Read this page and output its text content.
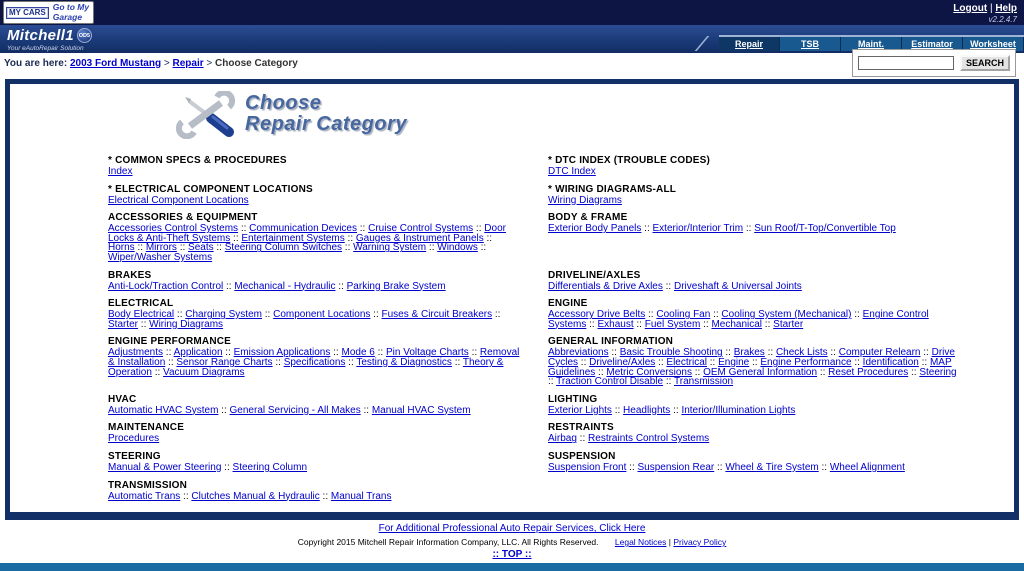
MY CARS
Go to My
Garage
Logout | Help
v2.2.4.7
Mitchell1 OD5
Your eAutoRepair Solution	Repair	TSB	Maint.	Estimator	Worksheet
You are here: 2003 Ford Mustang > Repair > Choose Category	SEARCH
Choose
Repair Category
* COMMON SPECS & PROCEDURES
Index
* DTC INDEX (TROUBLE CODES)
DTC Index
* ELECTRICAL COMPONENT LOCATIONS
Electrical Component Locations
* WIRING DIAGRAMS-ALL
Wiring Diagrams
ACCESSORIES & EQUIPMENT
Accessories Control Systems :: Communication Devices :: Cruise Control Systems :: Door Locks & Anti-Theft Systems :: Entertainment Systems :: Gauges & Instrument Panels :: Horns :: Mirrors :: Seats :: Steering Column Switches :: Warning System :: Windows :: Wiper/Washer Systems
BODY & FRAME
Exterior Body Panels :: Exterior/Interior Trim :: Sun Roof/T-Top/Convertible Top
BRAKES
Anti-Lock/Traction Control :: Mechanical - Hydraulic :: Parking Brake System
DRIVELINE/AXLES
Differentials & Drive Axles :: Driveshaft & Universal Joints
ELECTRICAL
Body Electrical :: Charging System :: Component Locations :: Fuses & Circuit Breakers :: Starter :: Wiring Diagrams
ENGINE
Accessory Drive Belts :: Cooling Fan :: Cooling System (Mechanical) :: Engine Control Systems :: Exhaust :: Fuel System :: Mechanical :: Starter
ENGINE PERFORMANCE
Adjustments :: Application :: Emission Applications :: Mode 6 :: Pin Voltage Charts :: Removal & Installation :: Sensor Range Charts :: Specifications :: Testing & Diagnostics :: Theory & Operation :: Vacuum Diagrams
GENERAL INFORMATION
Abbreviations :: Basic Trouble Shooting :: Brakes :: Check Lists :: Computer Relearn :: Drive Cycles :: Driveline/Axles :: Electrical :: Engine :: Engine Performance :: Identification :: MAP Guidelines :: Metric Conversions :: OEM General Information :: Reset Procedures :: Steering :: Traction Control Disable :: Transmission
HVAC
Automatic HVAC System :: General Servicing - All Makes :: Manual HVAC System
LIGHTING
Exterior Lights :: Headlights :: Interior/Illumination Lights
MAINTENANCE
Procedures
RESTRAINTS
Airbag :: Restraints Control Systems
STEERING
Manual & Power Steering :: Steering Column
SUSPENSION
Suspension Front :: Suspension Rear :: Wheel & Tire System :: Wheel Alignment
TRANSMISSION
Automatic Trans :: Clutches Manual & Hydraulic :: Manual Trans
For Additional Professional Auto Repair Services, Click Here
Copyright 2015 Mitchell Repair Information Company, LLC. All Rights Reserved. Legal Notices | Privacy Policy
:: TOP ::
